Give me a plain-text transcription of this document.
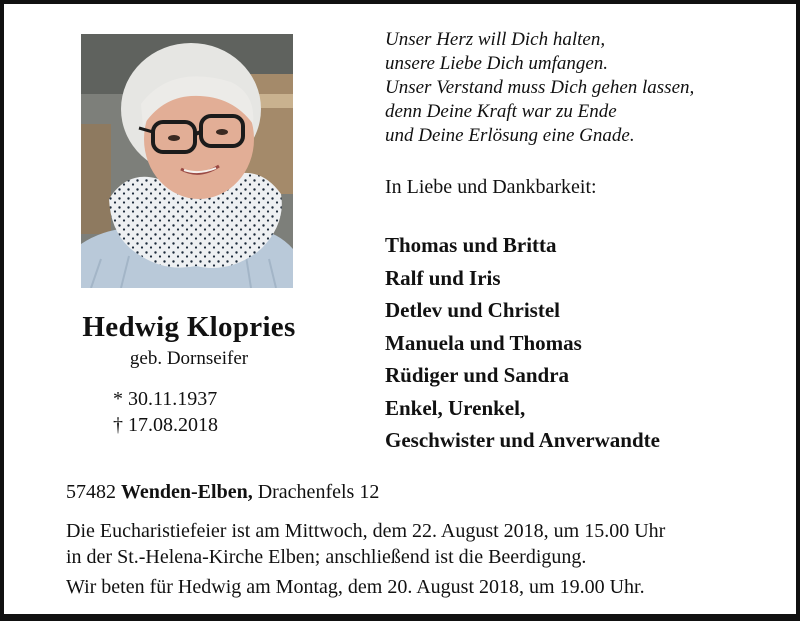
Hedwig Klopries
geb. Dornseifer
* 30.11.1937
† 17.08.2018
Unser Herz will Dich halten,
unsere Liebe Dich umfangen.
Unser Verstand muss Dich gehen lassen,
denn Deine Kraft war zu Ende
und Deine Erlösung eine Gnade.
In Liebe und Dankbarkeit:
Thomas und Britta
Ralf und Iris
Detlev und Christel
Manuela und Thomas
Rüdiger und Sandra
Enkel, Urenkel,
Geschwister und Anverwandte
57482 Wenden-Elben, Drachenfels 12
Die Eucharistiefeier ist am Mittwoch, dem 22. August 2018, um 15.00 Uhr
in der St.-Helena-Kirche Elben; anschließend ist die Beerdigung.
Wir beten für Hedwig am Montag, dem 20. August 2018, um 19.00 Uhr.
